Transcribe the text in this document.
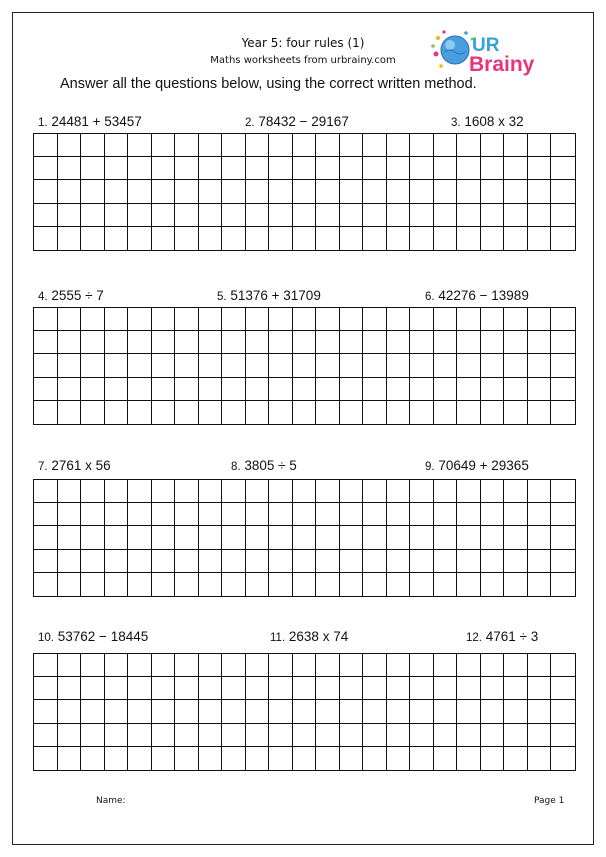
Year 5: four rules (1)
Maths worksheets from urbrainy.com
UR
Brainy
Answer all the questions below, using the correct written method.
1. 24481 + 53457	2. 78432 − 29167	3. 1608 x 32
4. 2555 ÷ 7	5. 51376 + 31709	6. 42276 − 13989
7. 2761 x 56	8. 3805 ÷ 5	9. 70649 + 29365
10. 53762 − 18445	11. 2638 x 74	12. 4761 ÷ 3
Name:	Page 1
